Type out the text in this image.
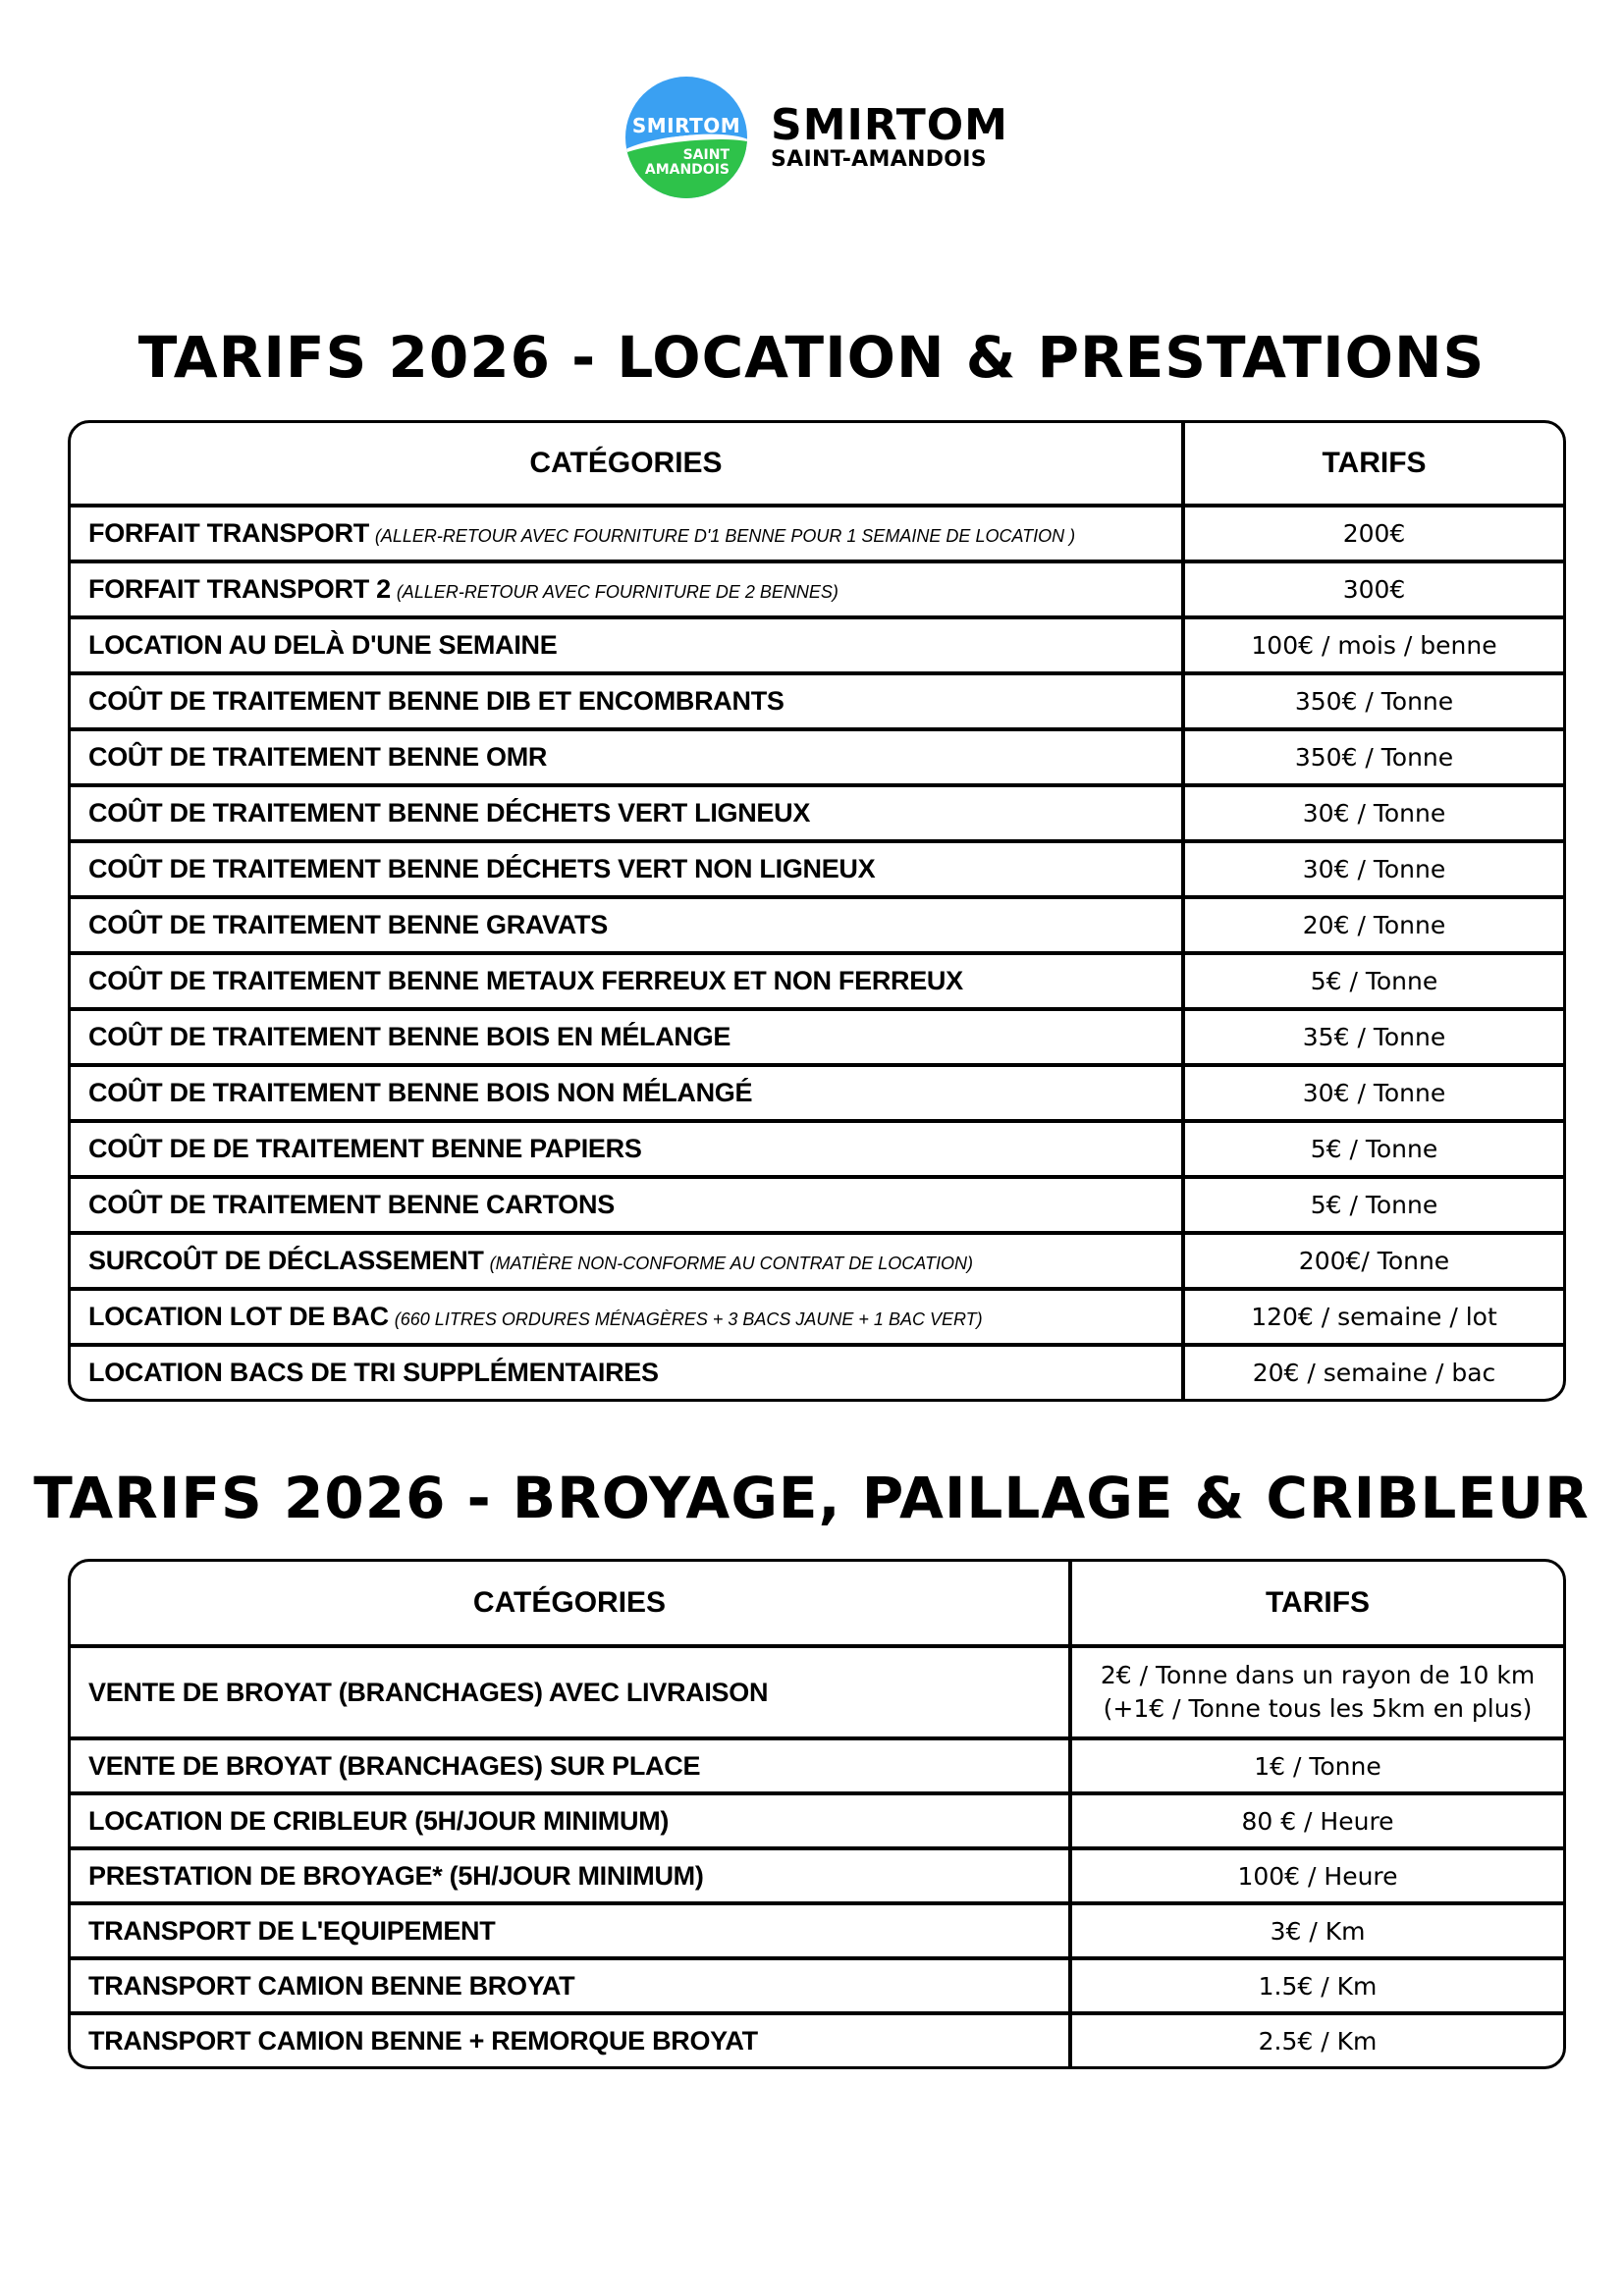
SMIRTOM
SAINT
AMANDOIS
SMIRTOM
SAINT-AMANDOIS
TARIFS 2026 - LOCATION & PRESTATIONS
CATÉGORIES	TARIFS
FORFAIT TRANSPORT (ALLER-RETOUR AVEC FOURNITURE D'1 BENNE POUR 1 SEMAINE DE LOCATION )	200€
FORFAIT TRANSPORT 2 (ALLER-RETOUR AVEC FOURNITURE DE 2 BENNES)	300€
LOCATION AU DELÀ D'UNE SEMAINE	100€ / mois / benne
COÛT DE TRAITEMENT BENNE DIB ET ENCOMBRANTS	350€ / Tonne
COÛT DE TRAITEMENT BENNE OMR	350€ / Tonne
COÛT DE TRAITEMENT BENNE DÉCHETS VERT LIGNEUX	30€ / Tonne
COÛT DE TRAITEMENT BENNE DÉCHETS VERT NON LIGNEUX	30€ / Tonne
COÛT DE TRAITEMENT BENNE GRAVATS	20€ / Tonne
COÛT DE TRAITEMENT BENNE METAUX FERREUX ET NON FERREUX	5€ / Tonne
COÛT DE TRAITEMENT BENNE BOIS EN MÉLANGE	35€ / Tonne
COÛT DE TRAITEMENT BENNE BOIS NON MÉLANGÉ	30€ / Tonne
COÛT DE DE TRAITEMENT BENNE PAPIERS	5€ / Tonne
COÛT DE TRAITEMENT BENNE CARTONS	5€ / Tonne
SURCOÛT DE DÉCLASSEMENT (MATIÈRE NON-CONFORME AU CONTRAT DE LOCATION)	200€/ Tonne
LOCATION LOT DE BAC (660 LITRES ORDURES MÉNAGÈRES + 3 BACS JAUNE + 1 BAC VERT)	120€ / semaine / lot
LOCATION BACS DE TRI SUPPLÉMENTAIRES	20€ / semaine / bac
TARIFS 2026 - BROYAGE, PAILLAGE & CRIBLEUR
CATÉGORIES	TARIFS
VENTE DE BROYAT (BRANCHAGES) AVEC LIVRAISON	2€ / Tonne dans un rayon de 10 km
(+1€ / Tonne tous les 5km en plus)

VENTE DE BROYAT (BRANCHAGES) SUR PLACE	1€ / Tonne
LOCATION DE CRIBLEUR (5H/JOUR MINIMUM)	80 € / Heure
PRESTATION DE BROYAGE* (5H/JOUR MINIMUM)	100€ / Heure
TRANSPORT DE L'EQUIPEMENT	3€ / Km
TRANSPORT CAMION BENNE BROYAT	1.5€ / Km
TRANSPORT CAMION BENNE + REMORQUE BROYAT	2.5€ / Km
